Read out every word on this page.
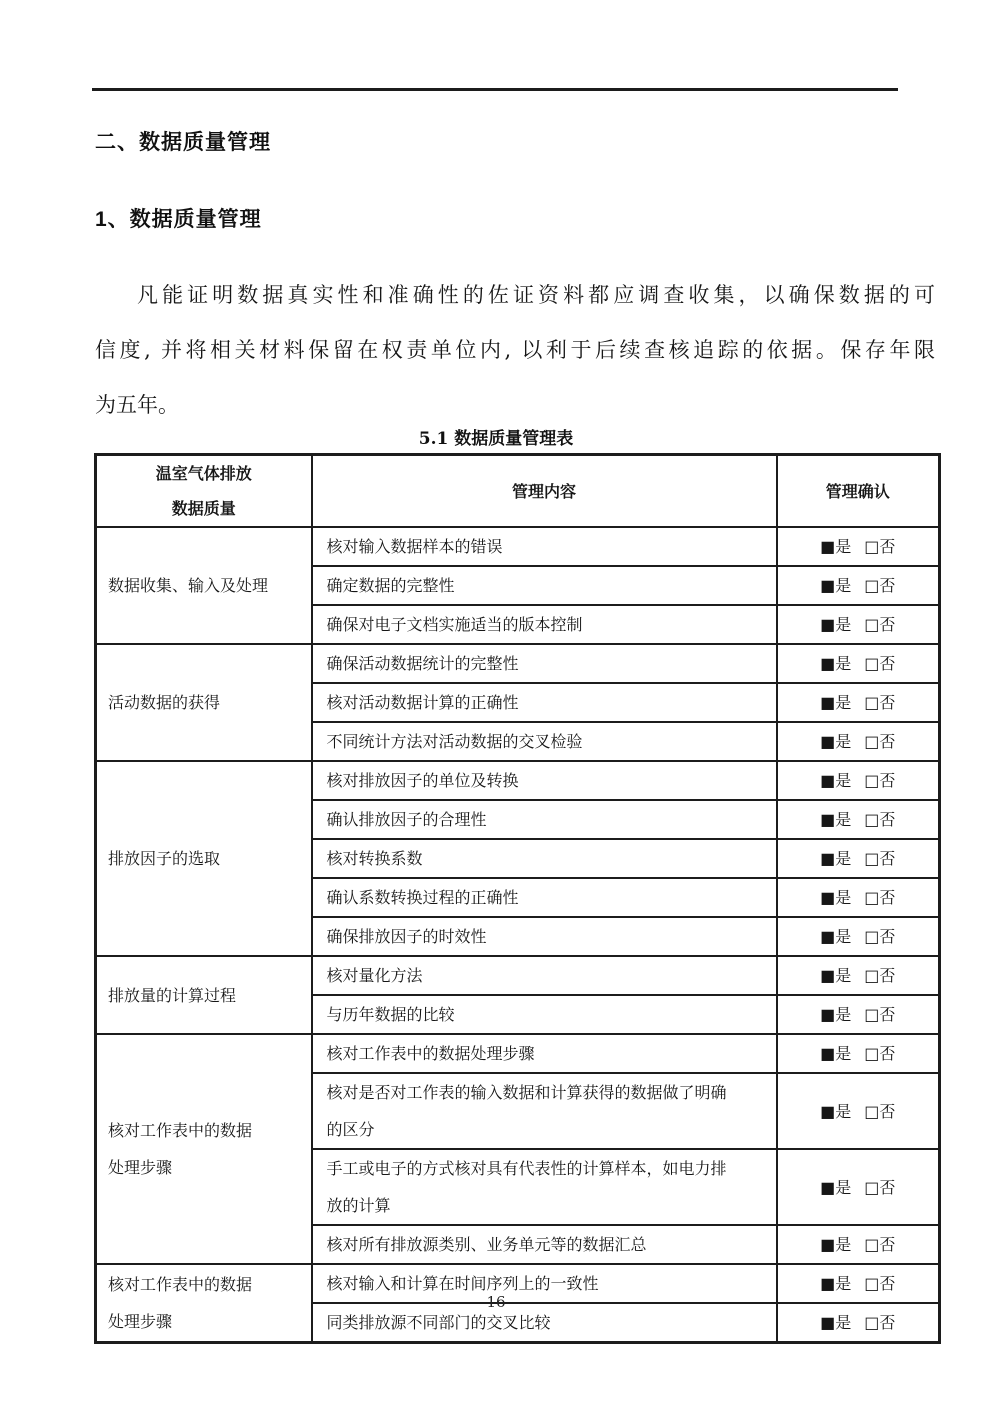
二、数据质量管理
1、数据质量管理
凡能证明数据真实性和准确性的佐证资料都应调查收集，以确保数据的可
信度, 并将相关材料保留在权责单位内, 以利于后续查核追踪的依据。保存年限
为五年。
5.1 数据质量管理表
温室气体排放
数据质量	管理内容	管理确认

数据收集、输入及处理	核对输入数据样本的错误	■是 □否
	确定数据的完整性	■是 □否
	确保对电子文档实施适当的版本控制	■是 □否

活动数据的获得	确保活动数据统计的完整性	■是 □否
	核对活动数据计算的正确性	■是 □否
	不同统计方法对活动数据的交叉检验	■是 □否

排放因子的选取	核对排放因子的单位及转换	■是 □否
	确认排放因子的合理性	■是 □否
	核对转换系数	■是 □否
	确认系数转换过程的正确性	■是 □否
	确保排放因子的时效性	■是 □否

排放量的计算过程	核对量化方法	■是 □否
	与历年数据的比较	■是 □否

核对工作表中的数据
处理步骤	核对工作表中的数据处理步骤	■是 □否
	核对是否对工作表的输入数据和计算获得的数据做了明确的区分	■是 □否
	手工或电子的方式核对具有代表性的计算样本，如电力排放的计算	■是 □否
	核对所有排放源类别、业务单元等的数据汇总	■是 □否

核对工作表中的数据
处理步骤	核对输入和计算在时间序列上的一致性	■是 □否
	同类排放源不同部门的交叉比较	■是 □否
16
